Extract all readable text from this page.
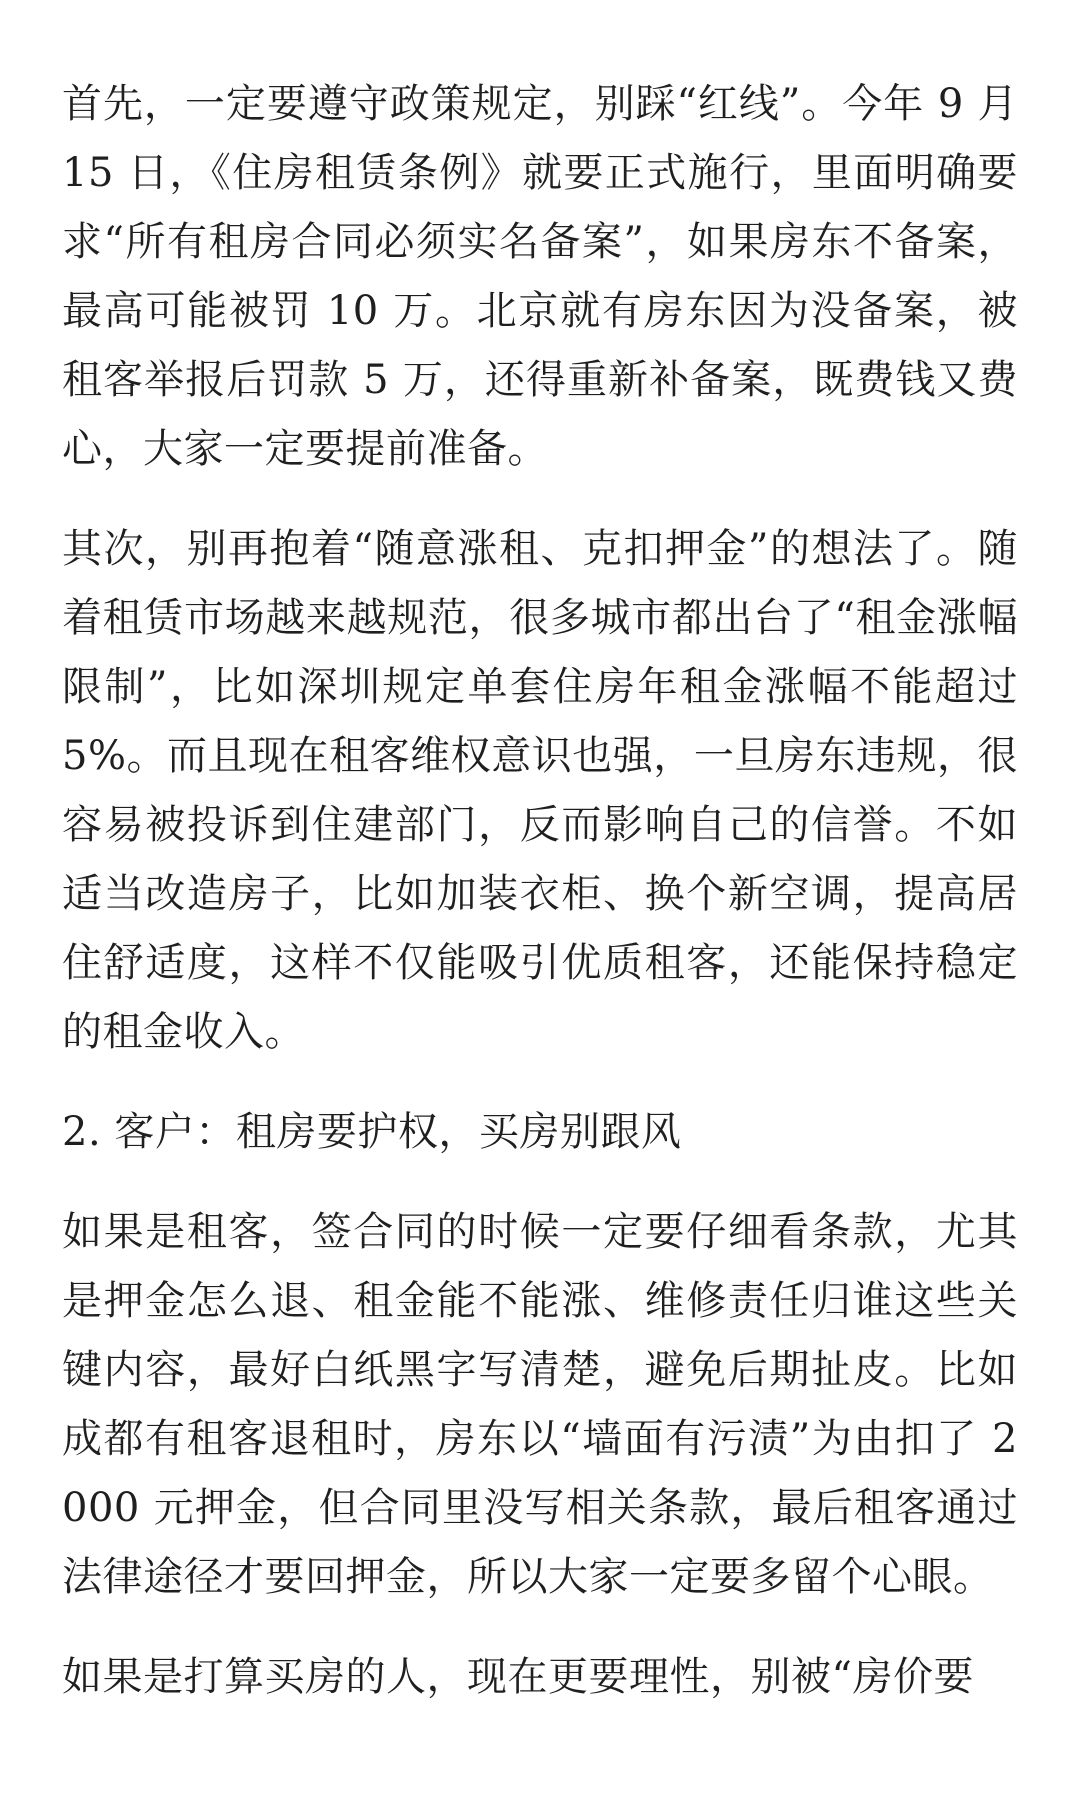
首先，一定要遵守政策规定，别踩“红线”。今年 9 月 15 日，《住房租赁条例》就要正式施行，里面明确要求“所有租房合同必须实名备案”，如果房东不备案，最高可能被罚 10 万。北京就有房东因为没备案，被租客举报后罚款 5 万，还得重新补备案，既费钱又费心，大家一定要提前准备。

其次，别再抱着“随意涨租、克扣押金”的想法了。随着租赁市场越来越规范，很多城市都出台了“租金涨幅限制”，比如深圳规定单套住房年租金涨幅不能超过 5%。而且现在租客维权意识也强，一旦房东违规，很容易被投诉到住建部门，反而影响自己的信誉。不如适当改造房子，比如加装衣柜、换个新空调，提高居住舒适度，这样不仅能吸引优质租客，还能保持稳定的租金收入。

2. 客户：租房要护权，买房别跟风

如果是租客，签合同的时候一定要仔细看条款，尤其是押金怎么退、租金能不能涨、维修责任归谁这些关键内容，最好白纸黑字写清楚，避免后期扯皮。比如成都有租客退租时，房东以“墙面有污渍”为由扣了 2000 元押金，但合同里没写相关条款，最后租客通过法律途径才要回押金，所以大家一定要多留个心眼。

如果是打算买房的人，现在更要理性，别被“房价要
